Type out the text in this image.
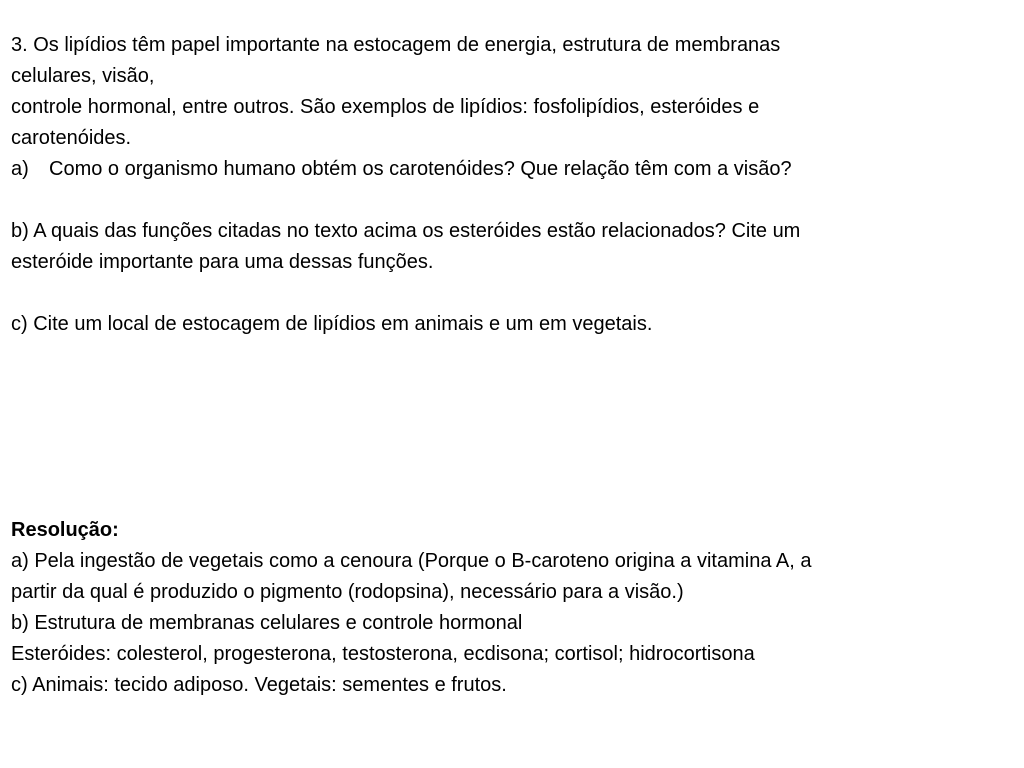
3. Os lipídios têm papel importante na estocagem de energia, estrutura de membranas
celulares, visão,
controle hormonal, entre outros. São exemplos de lipídios: fosfolipídios, esteróides e
carotenóides.
a) Como o organismo humano obtém os carotenóides? Que relação têm com a visão?
b) A quais das funções citadas no texto acima os esteróides estão relacionados? Cite um
esteróide importante para uma dessas funções.
c) Cite um local de estocagem de lipídios em animais e um em vegetais.
Resolução:
a) Pela ingestão de vegetais como a cenoura (Porque o B-caroteno origina a vitamina A, a
partir da qual é produzido o pigmento (rodopsina), necessário para a visão.)
b) Estrutura de membranas celulares e controle hormonal
Esteróides: colesterol, progesterona, testosterona, ecdisona; cortisol; hidrocortisona
c) Animais: tecido adiposo. Vegetais: sementes e frutos.
